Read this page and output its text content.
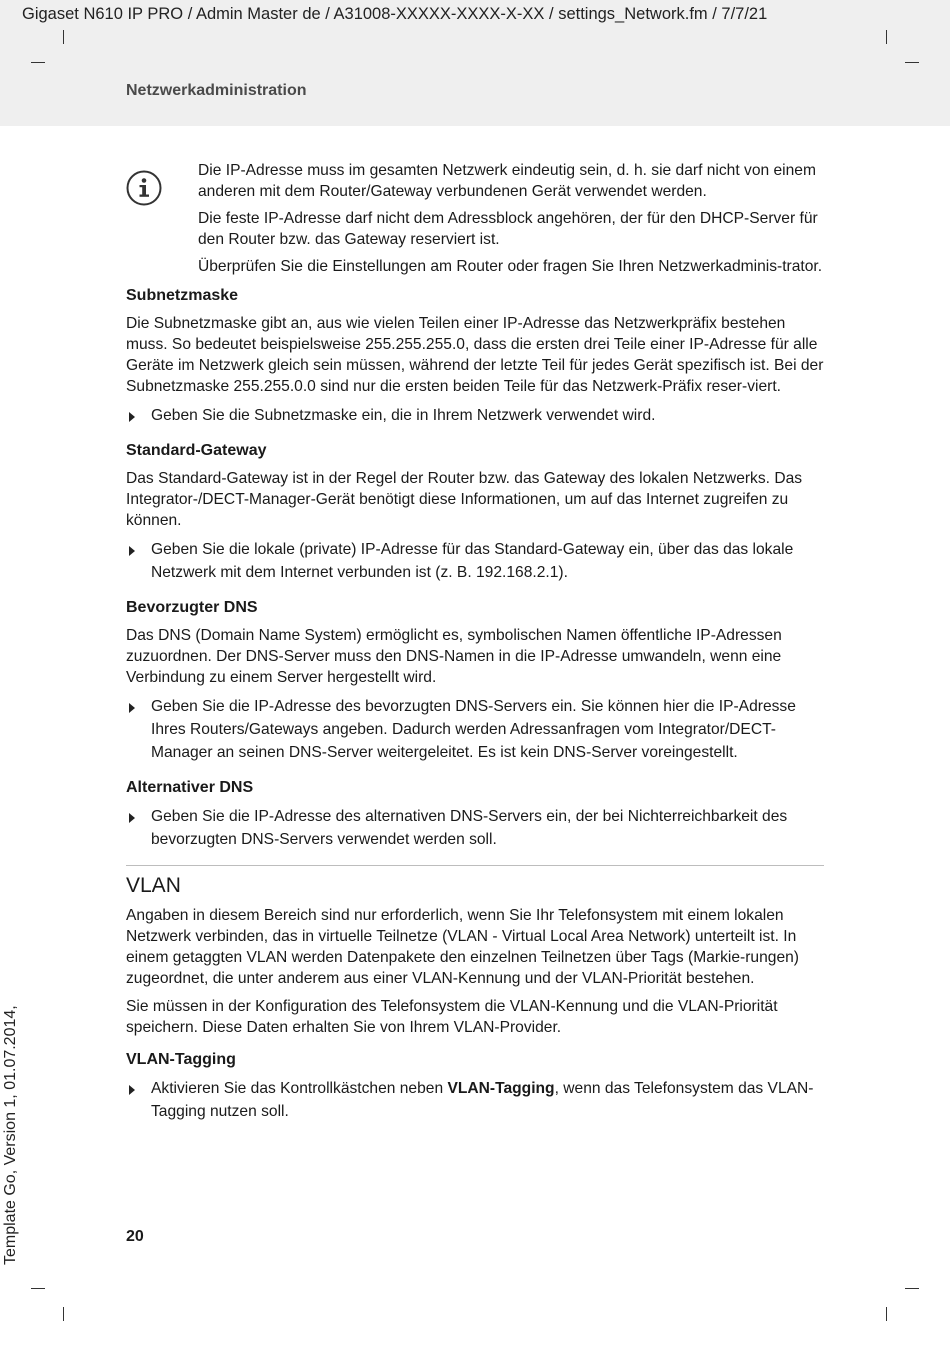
Gigaset N610 IP PRO / Admin Master de / A31008-XXXXX-XXXX-X-XX / settings_Network.fm / 7/7/21
Netzwerkadministration

Die IP-Adresse muss im gesamten Netzwerk eindeutig sein, d. h. sie darf nicht von einem anderen mit dem Router/Gateway verbundenen Gerät verwendet werden.

Die feste IP-Adresse darf nicht dem Adressblock angehören, der für den DHCP-Server für den Router bzw. das Gateway reserviert ist.

Überprüfen Sie die Einstellungen am Router oder fragen Sie Ihren Netzwerkadminis-trator.

Subnetzmaske

Die Subnetzmaske gibt an, aus wie vielen Teilen einer IP-Adresse das Netzwerkpräfix bestehen muss. So bedeutet beispielsweise 255.255.255.0, dass die ersten drei Teile einer IP-Adresse für alle Geräte im Netzwerk gleich sein müssen, während der letzte Teil für jedes Gerät spezifisch ist. Bei der Subnetzmaske 255.255.0.0 sind nur die ersten beiden Teile für das Netzwerk-Präfix reser-viert.

Geben Sie die Subnetzmaske ein, die in Ihrem Netzwerk verwendet wird.
Standard-Gateway

Das Standard-Gateway ist in der Regel der Router bzw. das Gateway des lokalen Netzwerks. Das Integrator-/DECT-Manager-Gerät benötigt diese Informationen, um auf das Internet zugreifen zu können.

Geben Sie die lokale (private) IP-Adresse für das Standard-Gateway ein, über das das lokale Netzwerk mit dem Internet verbunden ist (z. B. 192.168.2.1).
Bevorzugter DNS

Das DNS (Domain Name System) ermöglicht es, symbolischen Namen öffentliche IP-Adressen zuzuordnen. Der DNS-Server muss den DNS-Namen in die IP-Adresse umwandeln, wenn eine Verbindung zu einem Server hergestellt wird.

Geben Sie die IP-Adresse des bevorzugten DNS-Servers ein. Sie können hier die IP-Adresse Ihres Routers/Gateways angeben. Dadurch werden Adressanfragen vom Integrator/DECT-Manager an seinen DNS-Server weitergeleitet. Es ist kein DNS-Server voreingestellt.
Alternativer DNS
Geben Sie die IP-Adresse des alternativen DNS-Servers ein, der bei Nichterreichbarkeit des bevorzugten DNS-Servers verwendet werden soll.
VLAN

Angaben in diesem Bereich sind nur erforderlich, wenn Sie Ihr Telefonsystem mit einem lokalen Netzwerk verbinden, das in virtuelle Teilnetze (VLAN - Virtual Local Area Network) unterteilt ist. In einem getaggten VLAN werden Datenpakete den einzelnen Teilnetzen über Tags (Markie-rungen) zugeordnet, die unter anderem aus einer VLAN-Kennung und der VLAN-Priorität bestehen.

Sie müssen in der Konfiguration des Telefonsystem die VLAN-Kennung und die VLAN-Priorität speichern. Diese Daten erhalten Sie von Ihrem VLAN-Provider.

VLAN-Tagging
Aktivieren Sie das Kontrollkästchen neben VLAN-Tagging, wenn das Telefonsystem das VLAN-Tagging nutzen soll.
20
Template Go, Version 1, 01.07.2014,
